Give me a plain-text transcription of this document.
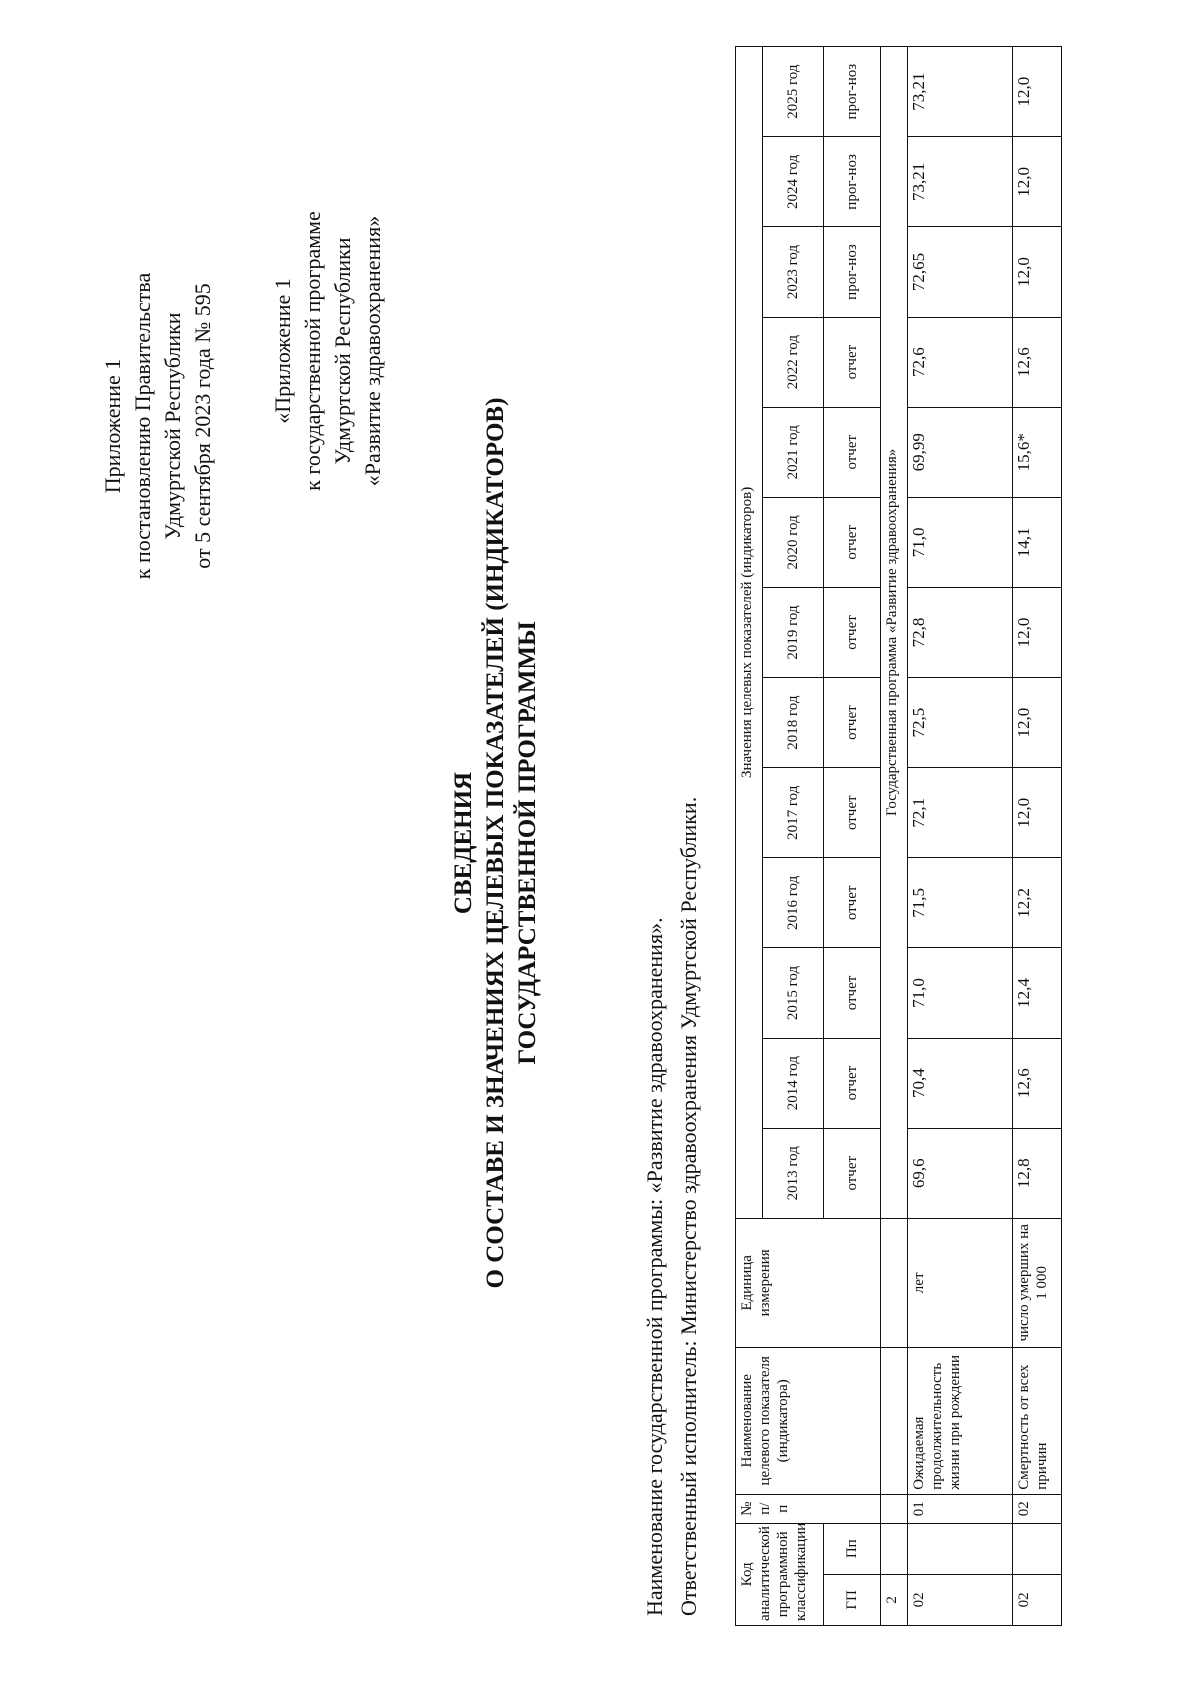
Приложение 1 к постановлению Правительства Удмуртской Республики от 5 сентября 2023 года № 595	«Приложение 1 к государственной программе Удмуртской Республики «Развитие здравоохранения»
СВЕДЕНИЯ О СОСТАВЕ И ЗНАЧЕНИЯХ ЦЕЛЕВЫХ ПОКАЗАТЕЛЕЙ (ИНДИКАТОРОВ) ГОСУДАРСТВЕННОЙ ПРОГРАММЫ
Наименование государственной программы: «Развитие здравоохранения». Ответственный исполнитель: Министерство здравоохранения Удмуртской Республики.	Код аналитической программной классификации		№ п/п	Наименование целевого показателя (индикатора)	Единица измерения	Значения целевых показателей (индикаторов)												
					2013 год	2014 год	2015 год	2016 год	2017 год	2018 год	2019 год	2020 год	2021 год	2022 год	2023 год	2024 год	2025 год
ГП	Пп				отчет	отчет	отчет	отчет	отчет	отчет	отчет	отчет	отчет	отчет	прог-ноз	прог-ноз	прог-ноз
2					Государственная программа «Развитие здравоохранения»												
02		01	Ожидаемая продолжительность жизни при рождении	лет	69,6	70,4	71,0	71,5	72,1	72,5	72,8	71,0	69,99	72,6	72,65	73,21	73,21
02		02	Смертность от всех причин	число умерших на 1 000	12,8	12,6	12,4	12,2	12,0	12,0	12,0	14,1	15,6*	12,6	12,0	12,0	12,0
